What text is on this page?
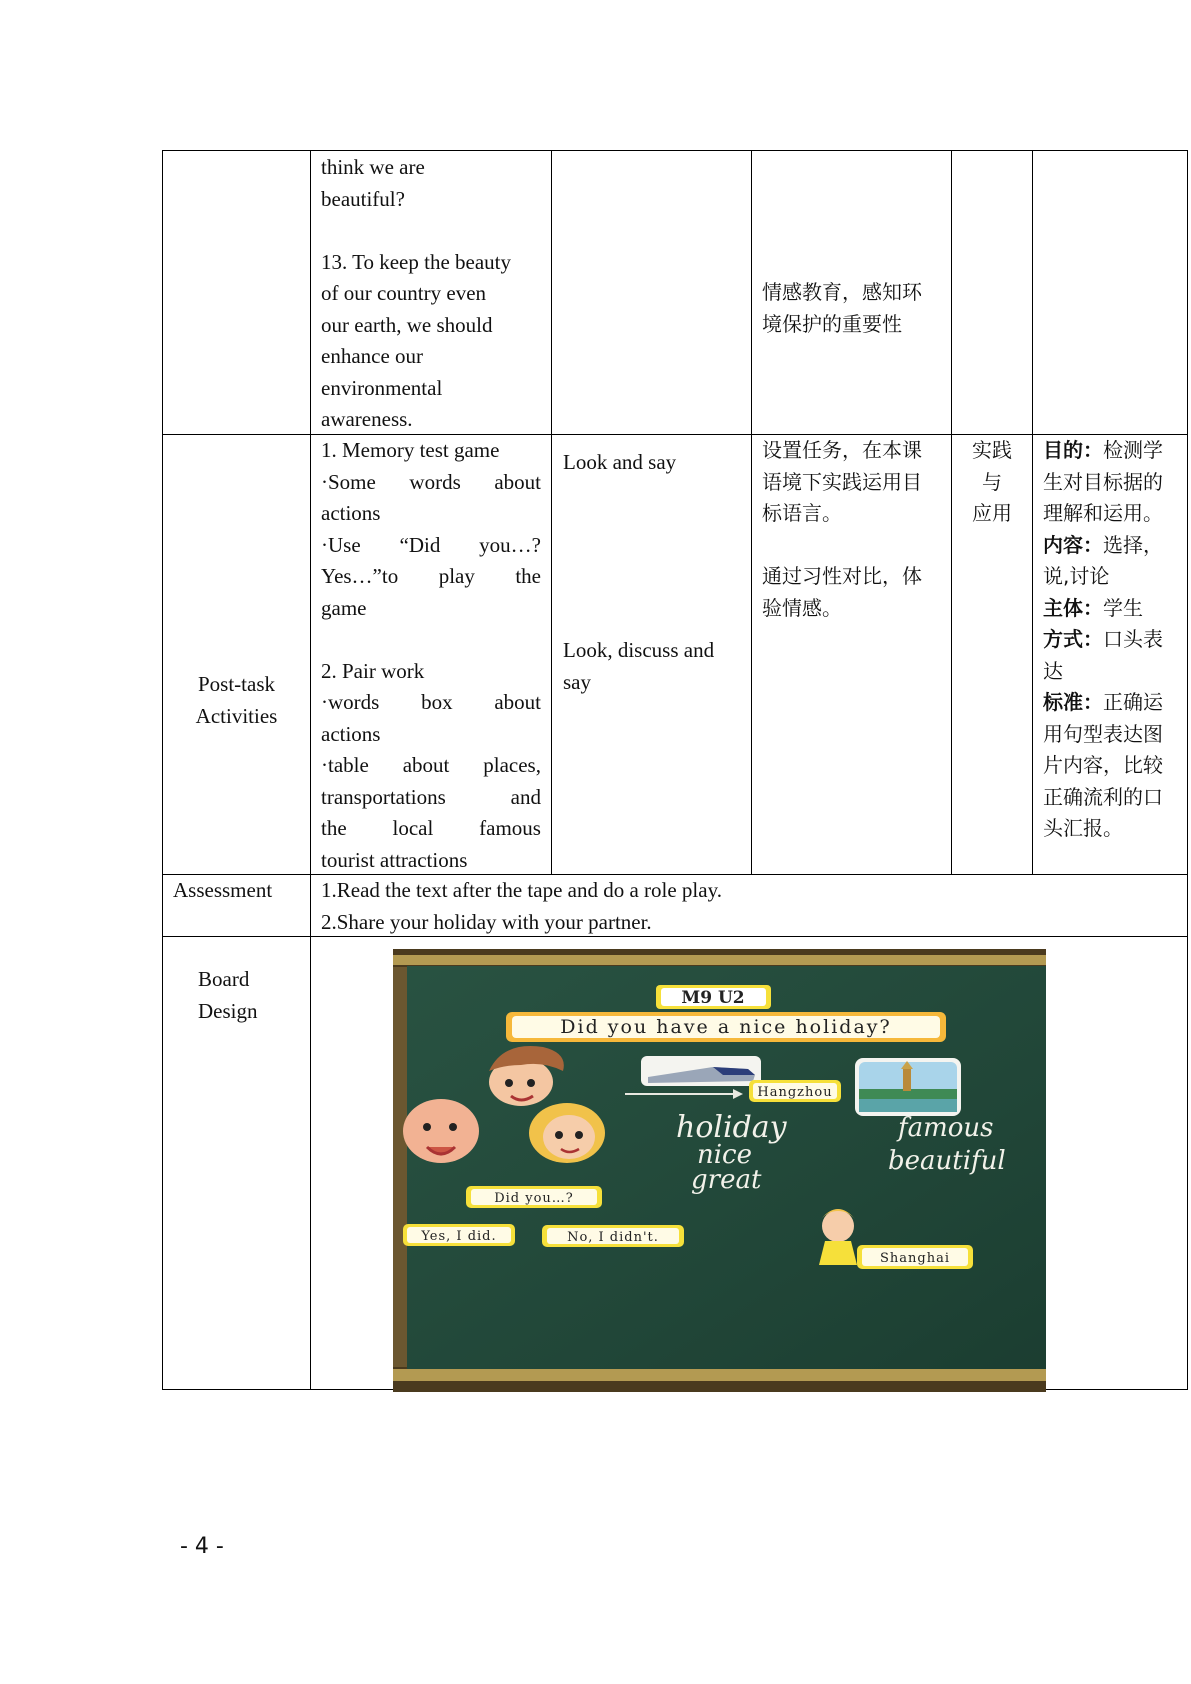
think we are
beautiful?
13. To keep the beauty
of our country even
our earth, we should
enhance our
environmental
awareness.
情感教育，感知环
境保护的重要性
Post-task
Activities
1. Memory test game
·Some words about
actions
·Use “Did you…?
Yes…”to play the
game
2. Pair work
·words box about
actions
·table about places,
transportations	and
the local famous
tourist attractions
Look and say
Look, discuss and
say
设置任务，在本课
语境下实践运用目
标语言。
通过习性对比，体
验情感。
实践
与
应用
目的：检测学
生对目标据的
理解和运用。
内容：选择，
说,讨论
主体：学生
方式：口头表
达
标准：正确运
用句型表达图
片内容，比较
正确流利的口
头汇报。
Assessment 1.Read the text after the tape and do a role play.
2.Share your holiday with your partner.
Board
Design
M9 U2
Did you have a nice holiday?
Hangzhou
holiday
nice
great
famous
beautiful
Did you…?
Yes, I did.	No, I didn't.
Shanghai
- 4 -
